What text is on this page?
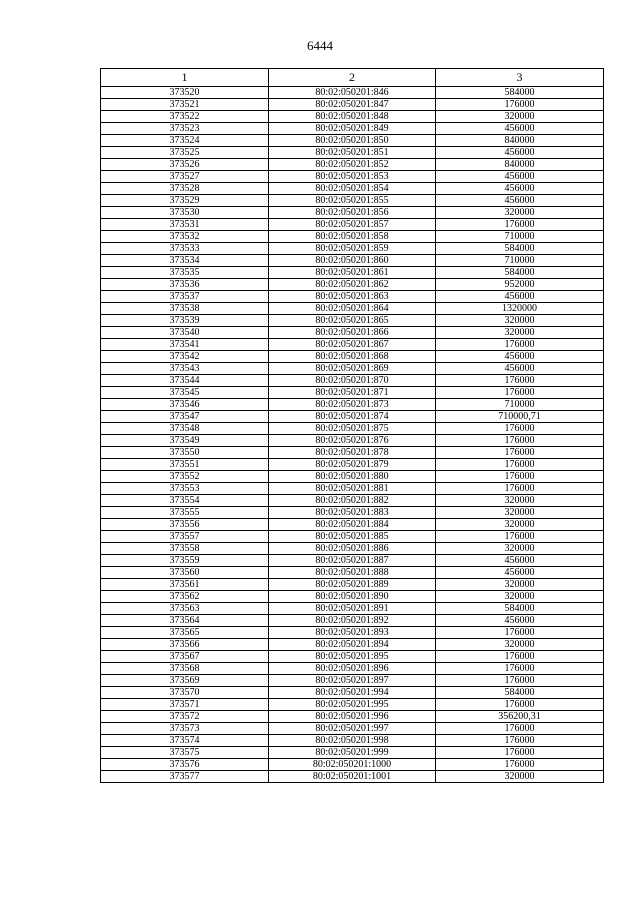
6444
1	2	3
373520	80:02:050201:846	584000
373521	80:02:050201:847	176000
373522	80:02:050201:848	320000
373523	80:02:050201:849	456000
373524	80:02:050201:850	840000
373525	80:02:050201:851	456000
373526	80:02:050201:852	840000
373527	80:02:050201:853	456000
373528	80:02:050201:854	456000
373529	80:02:050201:855	456000
373530	80:02:050201:856	320000
373531	80:02:050201:857	176000
373532	80:02:050201:858	710000
373533	80:02:050201:859	584000
373534	80:02:050201:860	710000
373535	80:02:050201:861	584000
373536	80:02:050201:862	952000
373537	80:02:050201:863	456000
373538	80:02:050201:864	1320000
373539	80:02:050201:865	320000
373540	80:02:050201:866	320000
373541	80:02:050201:867	176000
373542	80:02:050201:868	456000
373543	80:02:050201:869	456000
373544	80:02:050201:870	176000
373545	80:02:050201:871	176000
373546	80:02:050201:873	710000
373547	80:02:050201:874	710000,71
373548	80:02:050201:875	176000
373549	80:02:050201:876	176000
373550	80:02:050201:878	176000
373551	80:02:050201:879	176000
373552	80:02:050201:880	176000
373553	80:02:050201:881	176000
373554	80:02:050201:882	320000
373555	80:02:050201:883	320000
373556	80:02:050201:884	320000
373557	80:02:050201:885	176000
373558	80:02:050201:886	320000
373559	80:02:050201:887	456000
373560	80:02:050201:888	456000
373561	80:02:050201:889	320000
373562	80:02:050201:890	320000
373563	80:02:050201:891	584000
373564	80:02:050201:892	456000
373565	80:02:050201:893	176000
373566	80:02:050201:894	320000
373567	80:02:050201:895	176000
373568	80:02:050201:896	176000
373569	80:02:050201:897	176000
373570	80:02:050201:994	584000
373571	80:02:050201:995	176000
373572	80:02:050201:996	356200,31
373573	80:02:050201:997	176000
373574	80:02:050201:998	176000
373575	80:02:050201:999	176000
373576	80:02:050201:1000	176000
373577	80:02:050201:1001	320000
